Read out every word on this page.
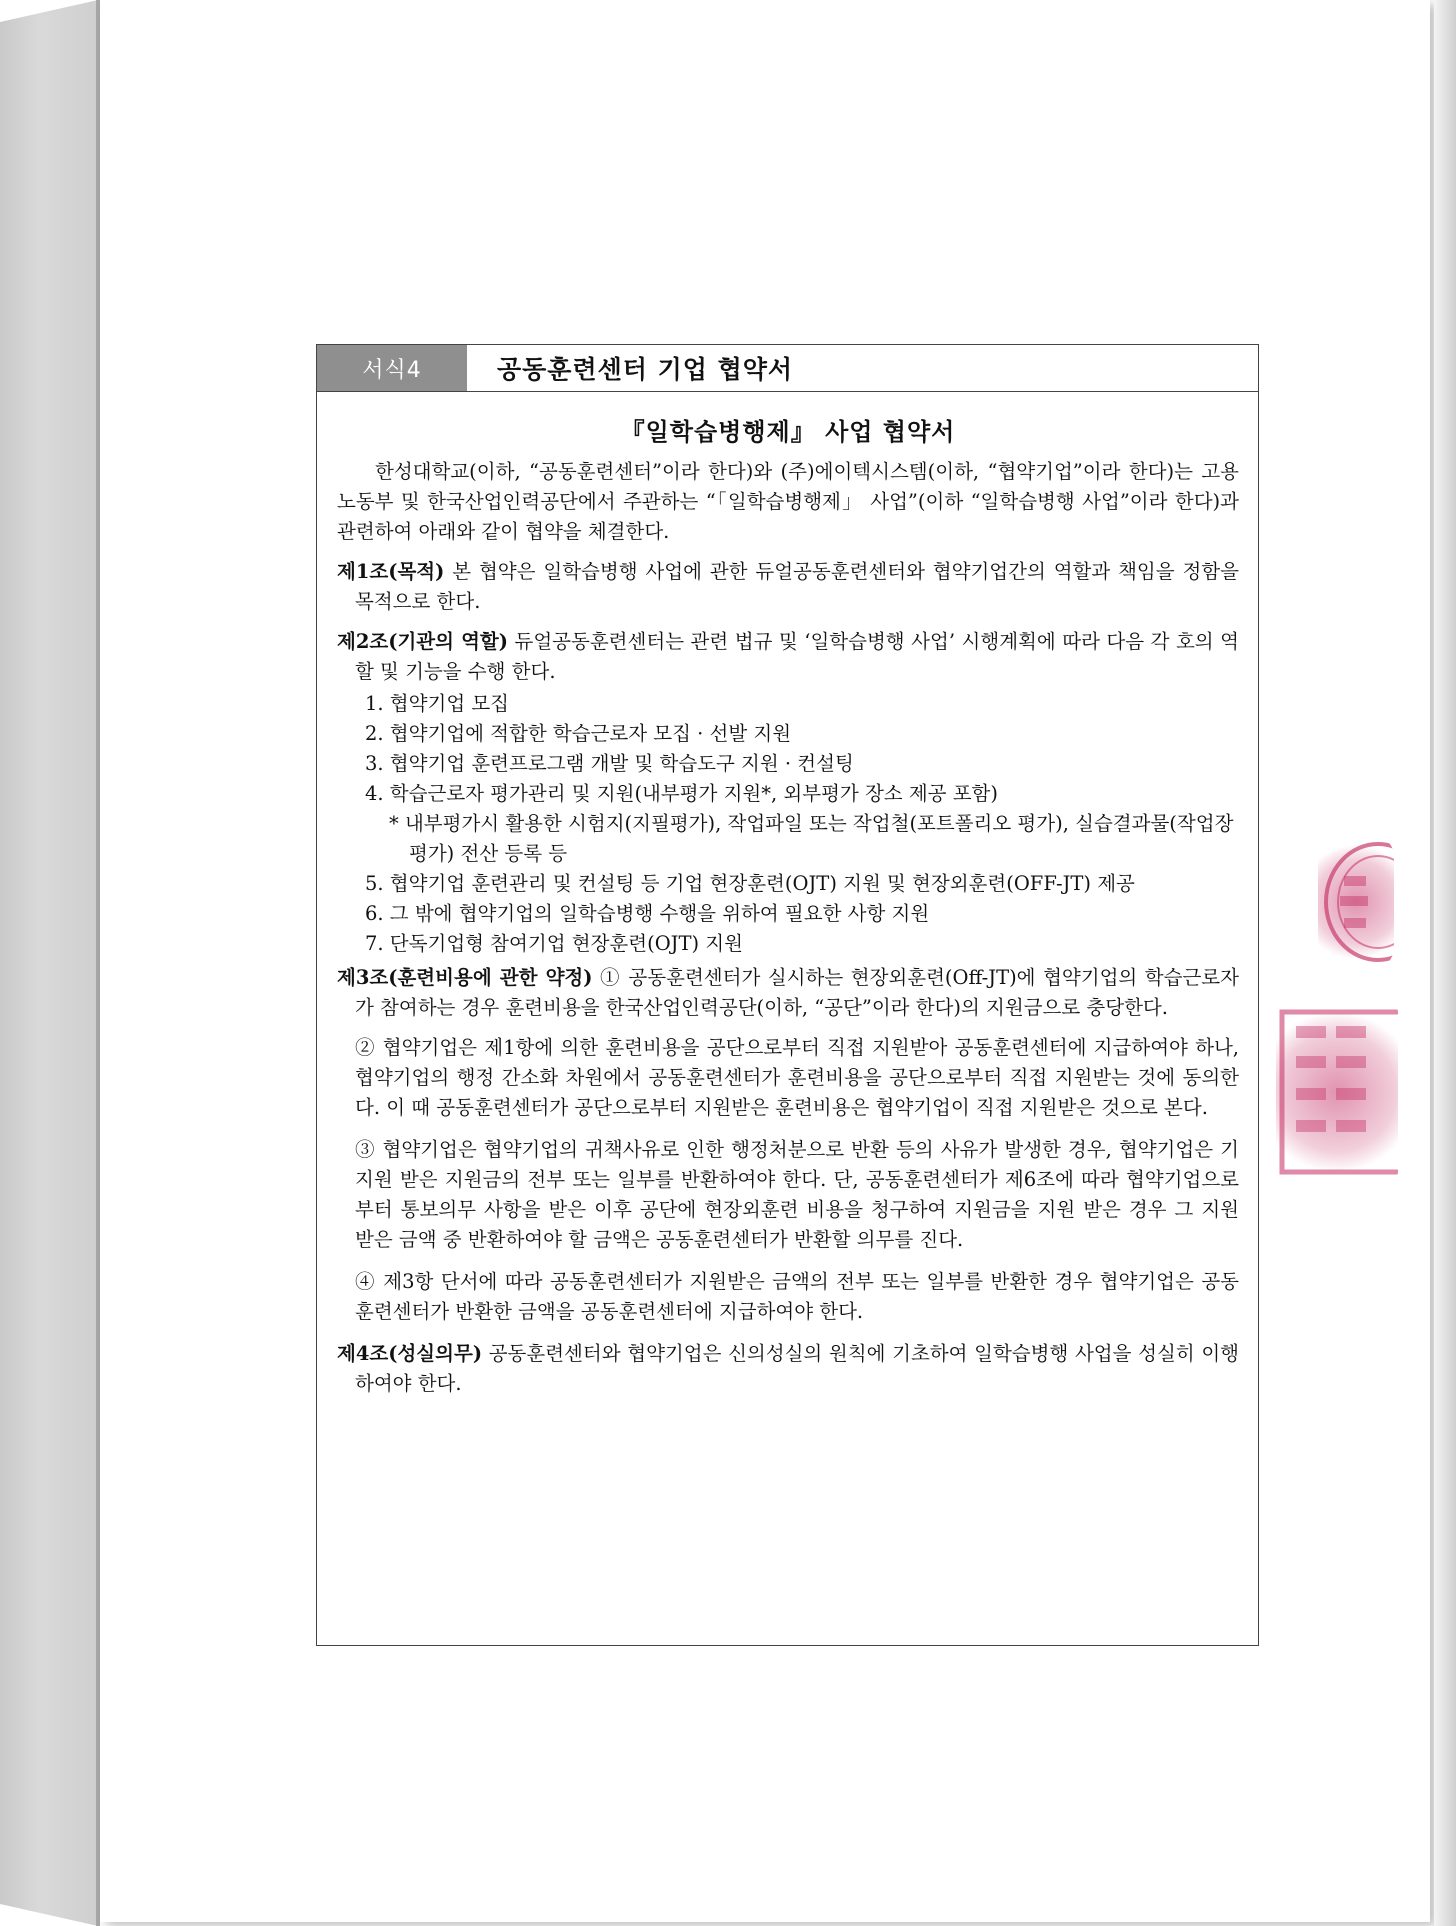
서식4	공동훈련센터 기업 협약서
『일학습병행제』 사업 협약서

한성대학교(이하, “공동훈련센터”이라 한다)와 (주)에이텍시스템(이하, “협약기업”이라 한다)는 고용노동부 및 한국산업인력공단에서 주관하는 “「일학습병행제」 사업”(이하 “일학습병행 사업”이라 한다)과 관련하여 아래와 같이 협약을 체결한다.

제1조(목적) 본 협약은 일학습병행 사업에 관한 듀얼공동훈련센터와 협약기업간의 역할과 책임을 정함을 목적으로 한다.

제2조(기관의 역할) 듀얼공동훈련센터는 관련 법규 및 ‘일학습병행 사업’ 시행계획에 따라 다음 각 호의 역할 및 기능을 수행 한다.

1. 협약기업 모집
2. 협약기업에 적합한 학습근로자 모집 · 선발 지원
3. 협약기업 훈련프로그램 개발 및 학습도구 지원 · 컨설팅
4. 학습근로자 평가관리 및 지원(내부평가 지원*, 외부평가 장소 제공 포함)
* 내부평가시 활용한 시험지(지필평가), 작업파일 또는 작업철(포트폴리오 평가), 실습결과물(작업장 평가) 전산 등록 등
5. 협약기업 훈련관리 및 컨설팅 등 기업 현장훈련(OJT) 지원 및 현장외훈련(OFF-JT) 제공
6. 그 밖에 협약기업의 일학습병행 수행을 위하여 필요한 사항 지원
7. 단독기업형 참여기업 현장훈련(OJT) 지원

제3조(훈련비용에 관한 약정) ① 공동훈련센터가 실시하는 현장외훈련(Off-JT)에 협약기업의 학습근로자가 참여하는 경우 훈련비용을 한국산업인력공단(이하, “공단”이라 한다)의 지원금으로 충당한다.

② 협약기업은 제1항에 의한 훈련비용을 공단으로부터 직접 지원받아 공동훈련센터에 지급하여야 하나, 협약기업의 행정 간소화 차원에서 공동훈련센터가 훈련비용을 공단으로부터 직접 지원받는 것에 동의한다. 이 때 공동훈련센터가 공단으로부터 지원받은 훈련비용은 협약기업이 직접 지원받은 것으로 본다.

③ 협약기업은 협약기업의 귀책사유로 인한 행정처분으로 반환 등의 사유가 발생한 경우, 협약기업은 기지원 받은 지원금의 전부 또는 일부를 반환하여야 한다. 단, 공동훈련센터가 제6조에 따라 협약기업으로부터 통보의무 사항을 받은 이후 공단에 현장외훈련 비용을 청구하여 지원금을 지원 받은 경우 그 지원 받은 금액 중 반환하여야 할 금액은 공동훈련센터가 반환할 의무를 진다.

④ 제3항 단서에 따라 공동훈련센터가 지원받은 금액의 전부 또는 일부를 반환한 경우 협약기업은 공동훈련센터가 반환한 금액을 공동훈련센터에 지급하여야 한다.

제4조(성실의무) 공동훈련센터와 협약기업은 신의성실의 원칙에 기초하여 일학습병행 사업을 성실히 이행하여야 한다.
